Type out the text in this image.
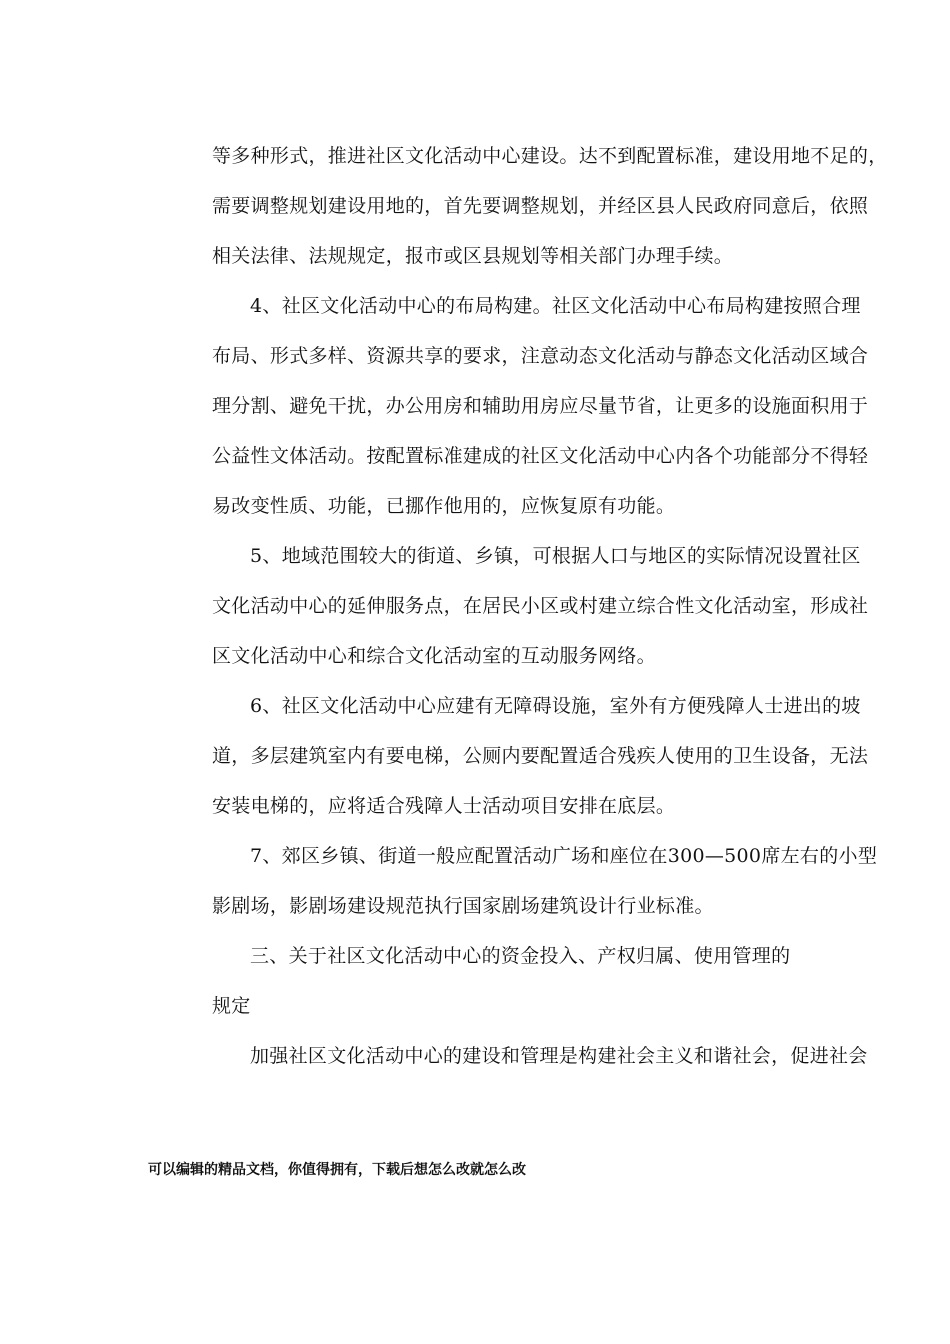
等多种形式，推进社区文化活动中心建设。达不到配置标准，建设用地不足的，
需要调整规划建设用地的，首先要调整规划，并经区县人民政府同意后，依照
相关法律、法规规定，报市或区县规划等相关部门办理手续。
4、社区文化活动中心的布局构建。社区文化活动中心布局构建按照合理
布局、形式多样、资源共享的要求，注意动态文化活动与静态文化活动区域合
理分割、避免干扰，办公用房和辅助用房应尽量节省，让更多的设施面积用于
公益性文体活动。按配置标准建成的社区文化活动中心内各个功能部分不得轻
易改变性质、功能，已挪作他用的，应恢复原有功能。
5、地域范围较大的街道、乡镇，可根据人口与地区的实际情况设置社区
文化活动中心的延伸服务点，在居民小区或村建立综合性文化活动室，形成社
区文化活动中心和综合文化活动室的互动服务网络。
6、社区文化活动中心应建有无障碍设施，室外有方便残障人士进出的坡
道，多层建筑室内有要电梯，公厕内要配置适合残疾人使用的卫生设备，无法
安装电梯的，应将适合残障人士活动项目安排在底层。
7、郊区乡镇、街道一般应配置活动广场和座位在300—500席左右的小型
影剧场，影剧场建设规范执行国家剧场建筑设计行业标准。
三、关于社区文化活动中心的资金投入、产权归属、使用管理的
规定
加强社区文化活动中心的建设和管理是构建社会主义和谐社会，促进社会
可以编辑的精品文档，你值得拥有，下载后想怎么改就怎么改
